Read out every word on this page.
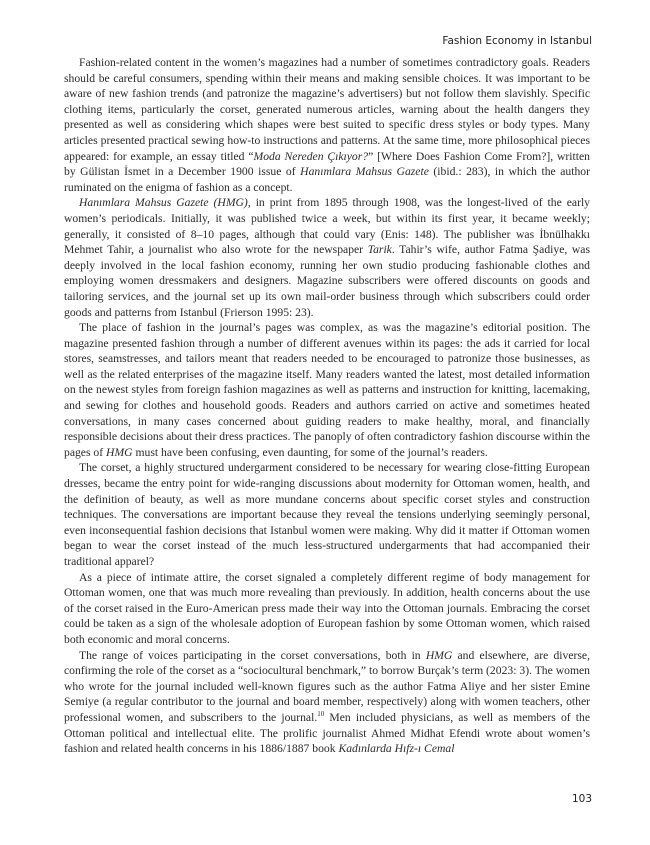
Fashion Economy in Istanbul

Fashion-related content in the women’s magazines had a number of sometimes contradictory goals. Readers should be careful consumers, spending within their means and making sensible choices. It was important to be aware of new fashion trends (and patronize the magazine’s advertisers) but not follow them slavishly. Specific clothing items, particularly the corset, generated numerous articles, warning about the health dangers they presented as well as considering which shapes were best suited to specific dress styles or body types. Many articles presented practical sewing how-to instructions and patterns. At the same time, more philosophical pieces appeared: for example, an essay titled “Moda Nereden Çıkıyor?” [Where Does Fashion Come From?], written by Gülistan İsmet in a December 1900 issue of Hanımlara Mahsus Gazete (ibid.: 283), in which the author ruminated on the enigma of fashion as a concept.

Hanımlara Mahsus Gazete (HMG), in print from 1895 through 1908, was the longest-lived of the early women’s periodicals. Initially, it was published twice a week, but within its first year, it became weekly; generally, it consisted of 8–10 pages, although that could vary (Enis: 148). The publisher was İbnülhakkı Mehmet Tahir, a journalist who also wrote for the newspaper Tarik. Tahir’s wife, author Fatma Şadiye, was deeply involved in the local fashion economy, running her own studio producing fashionable clothes and employing women dressmakers and designers. Magazine subscribers were offered discounts on goods and tailoring services, and the journal set up its own mail-order business through which subscribers could order goods and patterns from Istanbul (Frierson 1995: 23).

The place of fashion in the journal’s pages was complex, as was the magazine’s editorial position. The magazine presented fashion through a number of different avenues within its pages: the ads it carried for local stores, seamstresses, and tailors meant that readers needed to be encouraged to patronize those businesses, as well as the related enterprises of the magazine itself. Many readers wanted the latest, most detailed information on the newest styles from foreign fashion magazines as well as patterns and instruction for knitting, lacemaking, and sewing for clothes and household goods. Readers and authors carried on active and sometimes heated conversations, in many cases concerned about guiding readers to make healthy, moral, and financially responsible decisions about their dress practices. The panoply of often contradictory fashion discourse within the pages of HMG must have been confusing, even daunting, for some of the journal’s readers.

The corset, a highly structured undergarment considered to be necessary for wearing close-fitting European dresses, became the entry point for wide-ranging discussions about modernity for Ottoman women, health, and the definition of beauty, as well as more mundane concerns about specific corset styles and construction techniques. The conversations are important because they reveal the tensions underlying seemingly personal, even inconsequential fashion decisions that Istanbul women were making. Why did it matter if Ottoman women began to wear the corset instead of the much less-structured undergarments that had accompanied their traditional apparel?

As a piece of intimate attire, the corset signaled a completely different regime of body management for Ottoman women, one that was much more revealing than previously. In addition, health concerns about the use of the corset raised in the Euro-American press made their way into the Ottoman journals. Embracing the corset could be taken as a sign of the wholesale adoption of European fashion by some Ottoman women, which raised both economic and moral concerns.

The range of voices participating in the corset conversations, both in HMG and elsewhere, are diverse, confirming the role of the corset as a “sociocultural benchmark,” to borrow Burçak’s term (2023: 3). The women who wrote for the journal included well-known figures such as the author Fatma Aliye and her sister Emine Semiye (a regular contributor to the journal and board member, respectively) along with women teachers, other professional women, and subscribers to the journal.$^{10}$ Men included physicians, as well as members of the Ottoman political and intellectual elite. The prolific journalist Ahmed Midhat Efendi wrote about women’s fashion and related health concerns in his 1886/1887 book Kadınlarda Hıfz-ı Cemal

103
